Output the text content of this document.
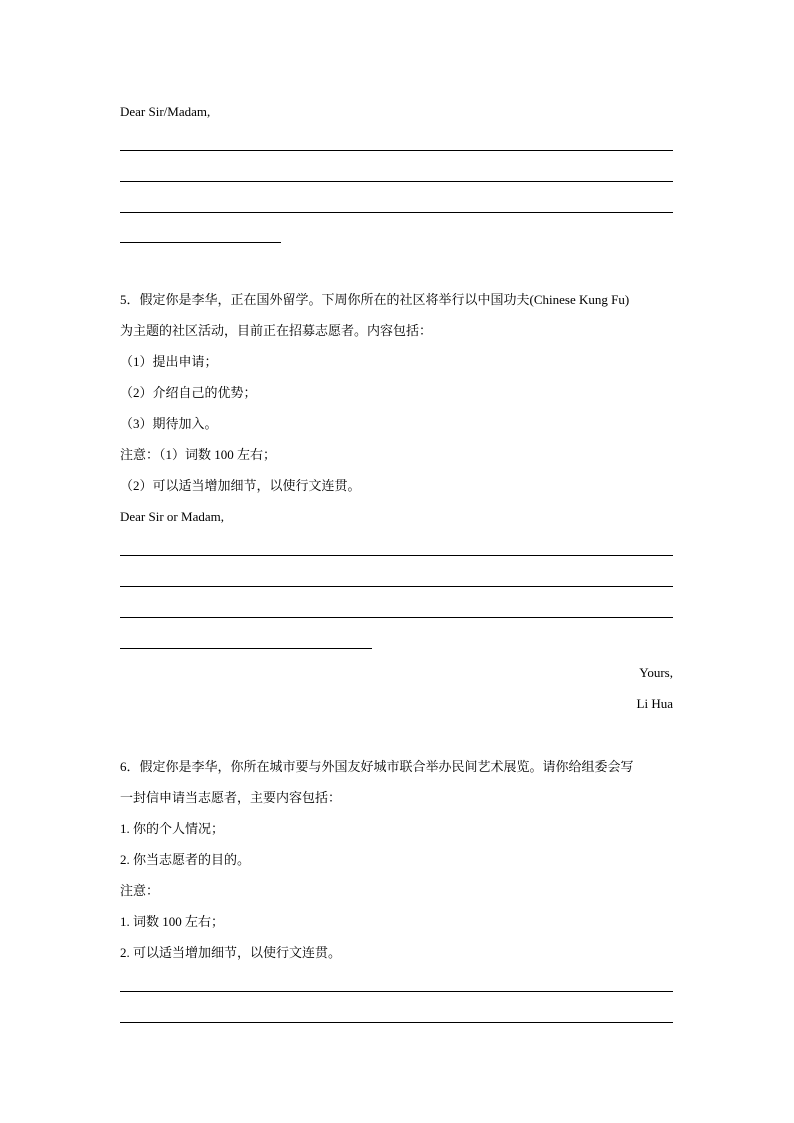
Dear Sir/Madam,
5．假定你是李华，正在国外留学。下周你所在的社区将举行以中国功夫(Chinese Kung Fu)
为主题的社区活动，目前正在招募志愿者。内容包括：
（1）提出申请；
（2）介绍自己的优势；
（3）期待加入。
注意：（1）词数 100 左右；
（2）可以适当增加细节，以使行文连贯。
Dear Sir or Madam,
Yours,
Li Hua
6．假定你是李华，你所在城市要与外国友好城市联合举办民间艺术展览。请你给组委会写
一封信申请当志愿者，主要内容包括：
1. 你的个人情况；
2. 你当志愿者的目的。
注意：
1. 词数 100 左右；
2. 可以适当增加细节，以使行文连贯。
